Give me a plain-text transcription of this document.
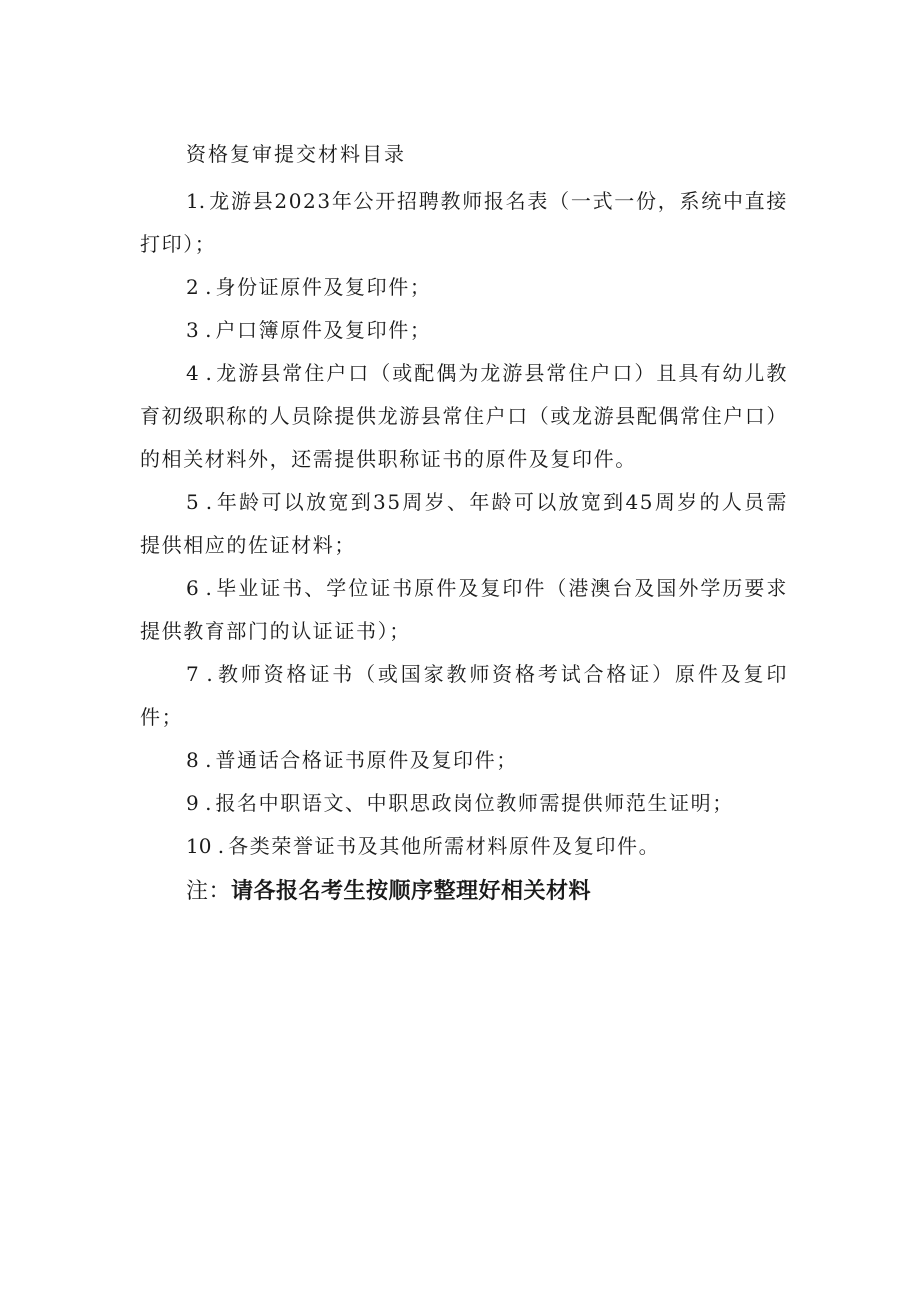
资格复审提交材料目录
1. 龙游县2023年公开招聘教师报名表（一式一份，系统中直接打印）；
2 . 身份证原件及复印件；
3 . 户口簿原件及复印件；
4 . 龙游县常住户口（或配偶为龙游县常住户口）且具有幼儿教育初级职称的人员除提供龙游县常住户口（或龙游县配偶常住户口）的相关材料外，还需提供职称证书的原件及复印件。
5 . 年龄可以放宽到35周岁、年龄可以放宽到45周岁的人员需提供相应的佐证材料；
6 . 毕业证书、学位证书原件及复印件（港澳台及国外学历要求提供教育部门的认证证书）；
7 . 教师资格证书（或国家教师资格考试合格证）原件及复印件；
8 . 普通话合格证书原件及复印件；
9 . 报名中职语文、中职思政岗位教师需提供师范生证明；
10 . 各类荣誉证书及其他所需材料原件及复印件。

注：请各报名考生按顺序整理好相关材料
